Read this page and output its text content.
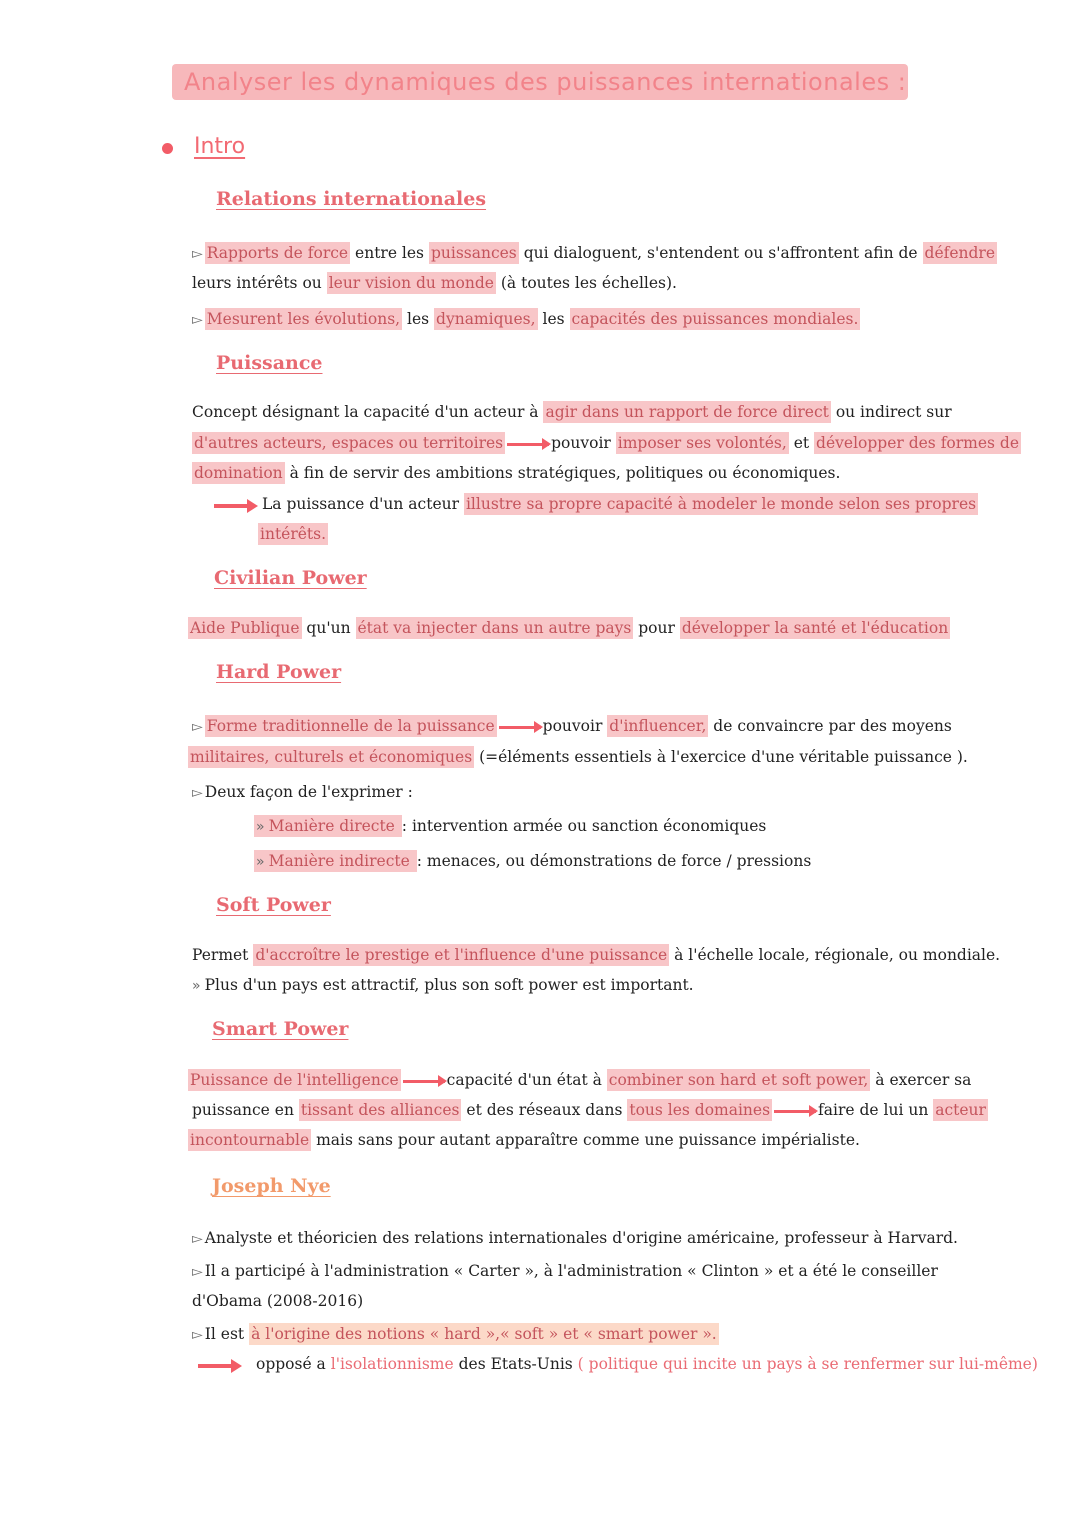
Analyser les dynamiques des puissances internationales :
Intro
Relations internationales
▻ Rapports de force entre les puissances qui dialoguent, s'entendent ou s'affrontent afin de défendre
leurs intérêts ou leur vision du monde (à toutes les échelles).
▻ Mesurent les évolutions, les dynamiques, les capacités des puissances mondiales.
Puissance
Concept désignant la capacité d'un acteur à agir dans un rapport de force direct ou indirect sur
d'autres acteurs, espaces ou territoires	pouvoir imposer ses volontés, et développer des formes de
domination à fin de servir des ambitions stratégiques, politiques ou économiques.
La puissance d'un acteur illustre sa propre capacité à modeler le monde selon ses propres
intérêts.
Civilian Power
Aide Publique qu'un état va injecter dans un autre pays pour développer la santé et l'éducation
Hard Power
▻ Forme traditionnelle de la puissance	pouvoir d'influencer, de convaincre par des moyens
militaires, culturels et économiques (=éléments essentiels à l'exercice d'une véritable puissance ).
▻ Deux façon de l'exprimer :
» Manière directe : intervention armée ou sanction économiques
» Manière indirecte : menaces, ou démonstrations de force / pressions
Soft Power
Permet d'accroître le prestige et l'influence d'une puissance à l'échelle locale, régionale, ou mondiale.
» Plus d'un pays est attractif, plus son soft power est important.
Smart Power
Puissance de l'intelligence	capacité d'un état à combiner son hard et soft power, à exercer sa
puissance en tissant des alliances et des réseaux dans tous les domaines	faire de lui un acteur
incontournable mais sans pour autant apparaître comme une puissance impérialiste.
Joseph Nye
▻ Analyste et théoricien des relations internationales d'origine américaine, professeur à Harvard.
▻ Il a participé à l'administration « Carter », à l'administration « Clinton » et a été le conseiller
d'Obama (2008-2016)
▻ Il est à l'origine des notions « hard »,« soft » et « smart power ».
opposé a l'isolationnisme des Etats-Unis ( politique qui incite un pays à se renfermer sur lui-même)
